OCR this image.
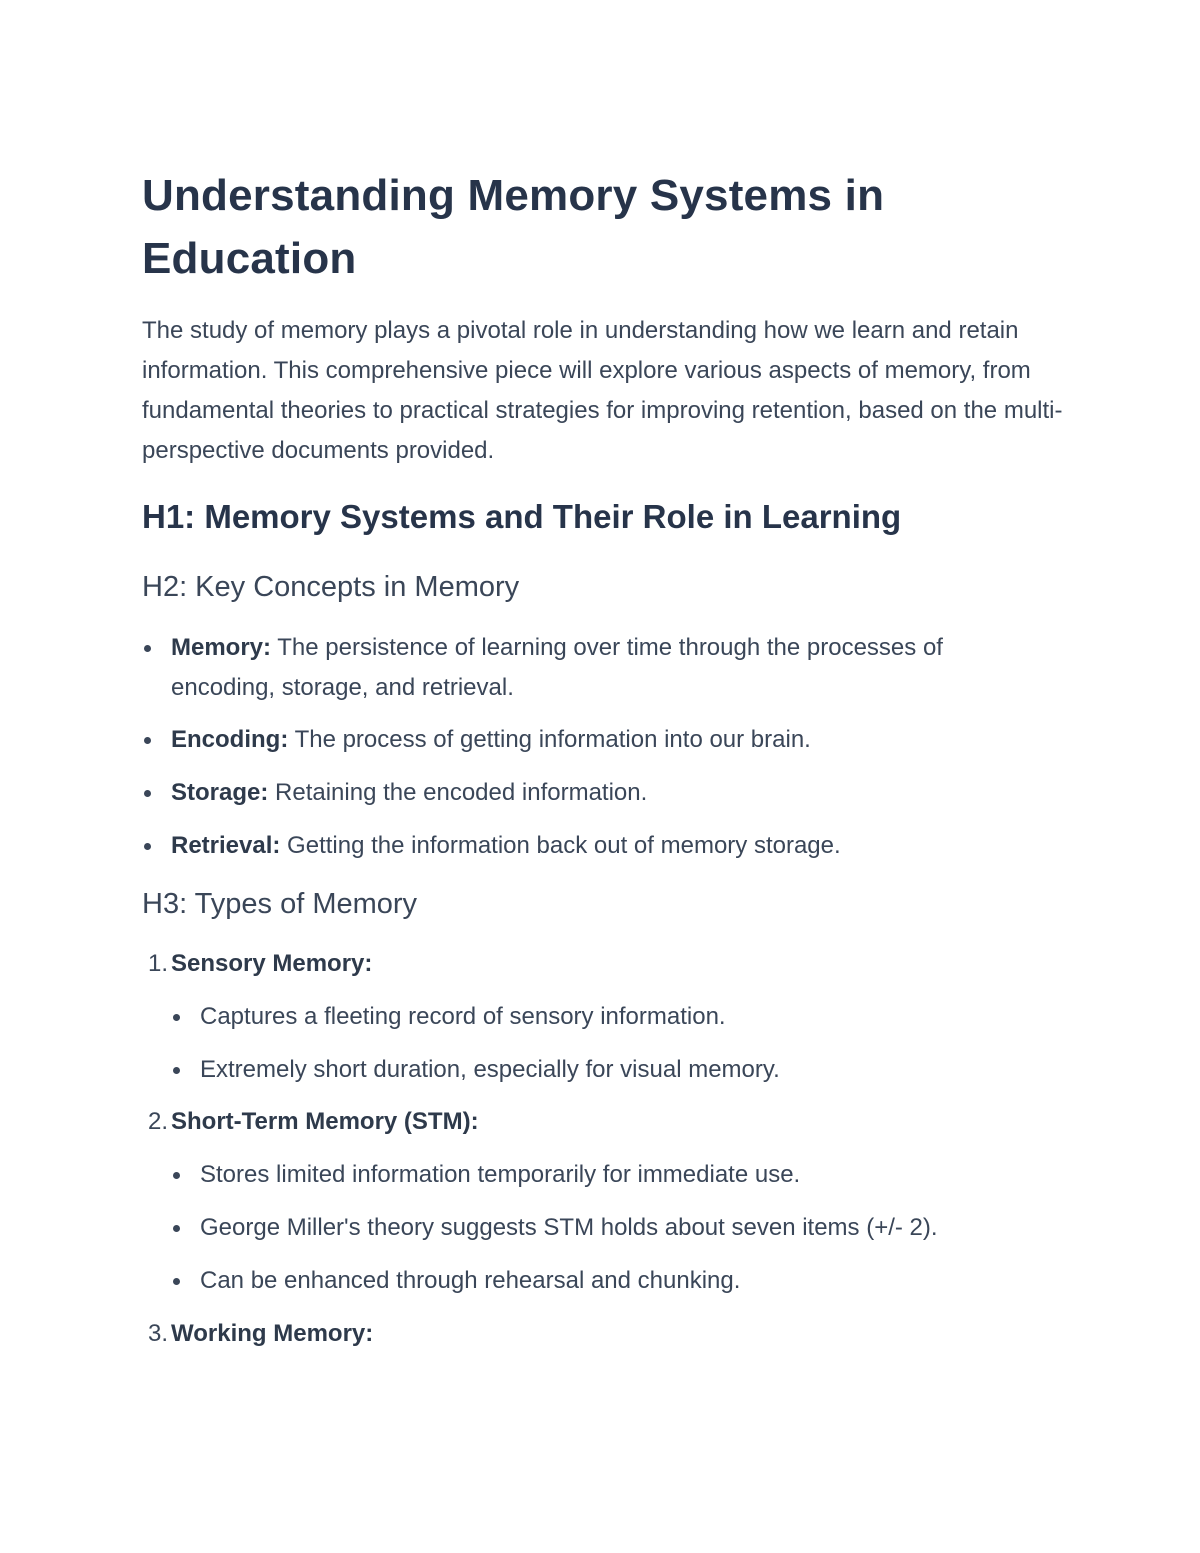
Understanding Memory Systems in Education

The study of memory plays a pivotal role in understanding how we learn and retain information. This comprehensive piece will explore various aspects of memory, from fundamental theories to practical strategies for improving retention, based on the multi-perspective documents provided.

H1: Memory Systems and Their Role in Learning
H2: Key Concepts in Memory
Memory: The persistence of learning over time through the processes of encoding, storage, and retrieval.
Encoding: The process of getting information into our brain.
Storage: Retaining the encoded information.
Retrieval: Getting the information back out of memory storage.
H3: Types of Memory
1. Sensory Memory:
Captures a fleeting record of sensory information.
Extremely short duration, especially for visual memory.
2. Short-Term Memory (STM):
Stores limited information temporarily for immediate use.
George Miller's theory suggests STM holds about seven items (+/- 2).
Can be enhanced through rehearsal and chunking.
3. Working Memory:
